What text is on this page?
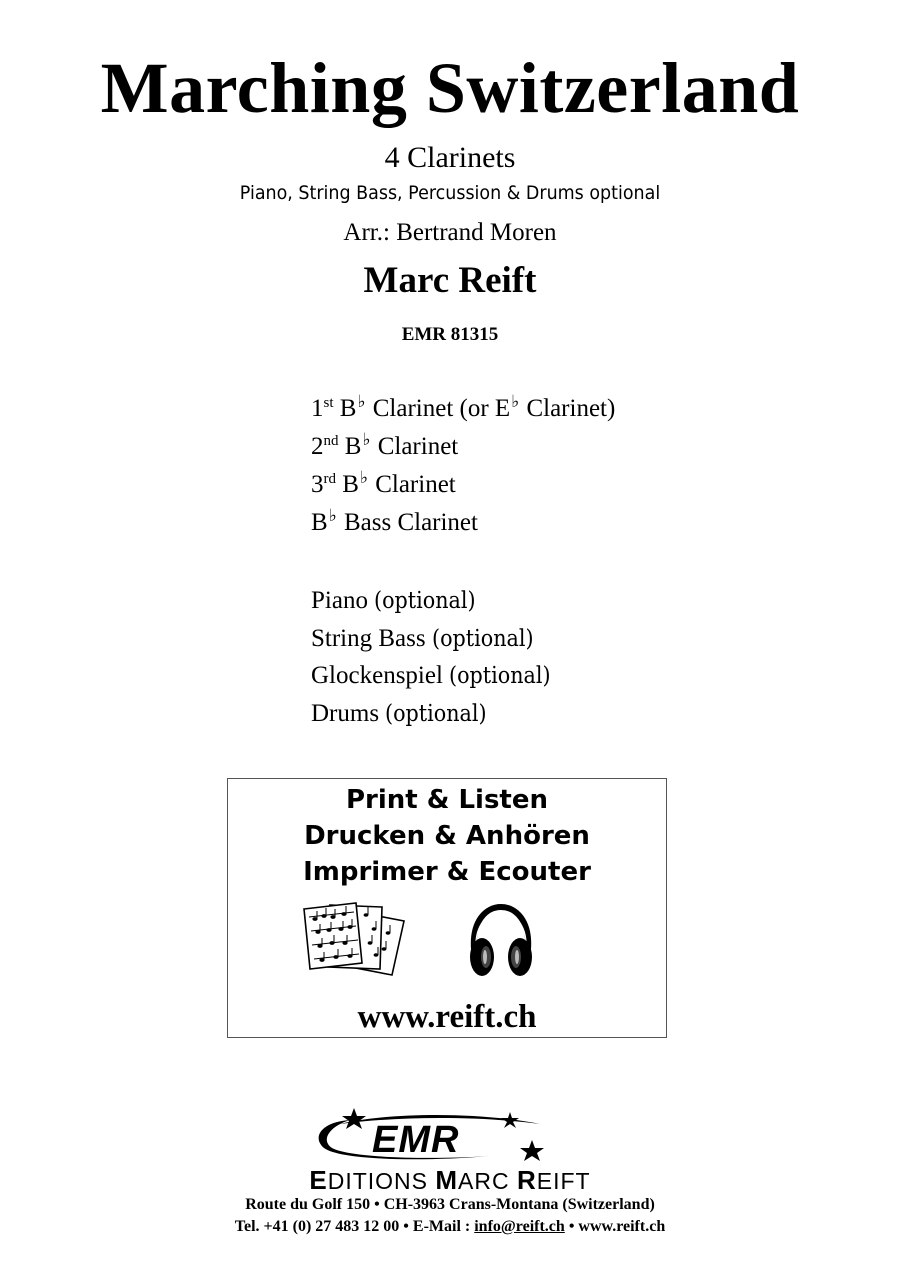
Marching Switzerland
4 Clarinets
Piano, String Bass, Percussion & Drums optional
Arr.: Bertrand Moren
Marc Reift
EMR 81315
1st B♭ Clarinet (or E♭ Clarinet)
2nd B♭ Clarinet
3rd B♭ Clarinet
B♭ Bass Clarinet
Piano (optional)
String Bass (optional)
Glockenspiel (optional)
Drums (optional)
Print & Listen
Drucken & Anhören
Imprimer & Ecouter
www.reift.ch
EMR
EDITIONS MARC REIFT
Route du Golf 150 • CH-3963 Crans-Montana (Switzerland)
Tel. +41 (0) 27 483 12 00 • E-Mail : info@reift.ch • www.reift.ch
